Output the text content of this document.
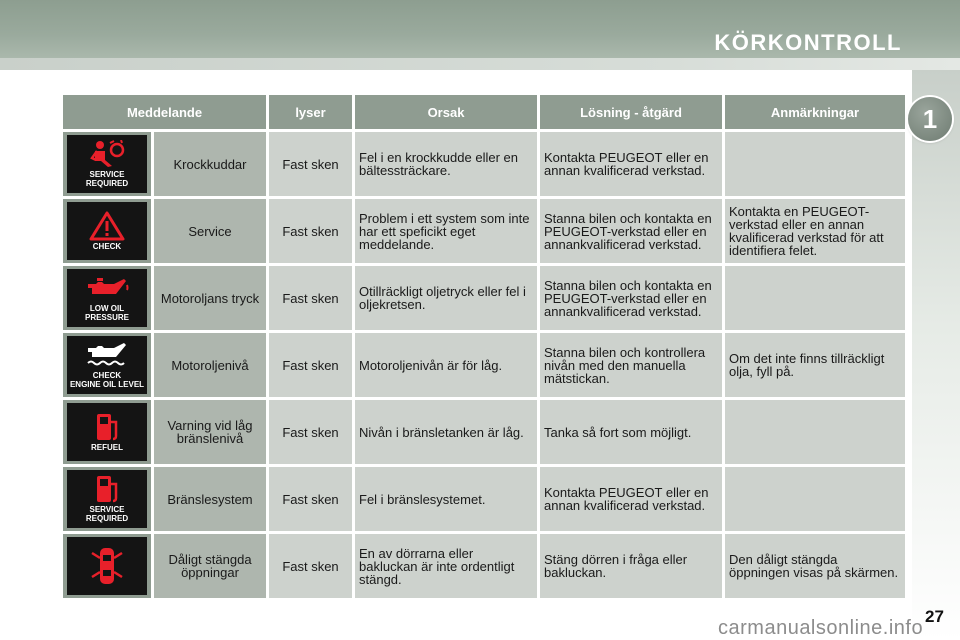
KÖRKONTROLL
1
Meddelande		lyser	Orsak	Lösning - åtgärd	Anmärkningar

SERVICE
REQUIRED	Krockkuddar	Fast sken	Fel i en krockkudde eller en bältessträckare.	Kontakta PEUGEOT eller en annan kvalificerad verkstad.	

CHECK	Service	Fast sken	Problem i ett system som inte har ett speficikt eget meddelande.	Stanna bilen och kontakta en PEUGEOT-verkstad eller en annankvalificerad verkstad.	Kontakta en PEUGEOT-verkstad eller en annan kvalificerad verkstad för att identifiera felet.

LOW OIL PRESSURE	Motoroljans tryck	Fast sken	Otillräckligt oljetryck eller fel i oljekretsen.	Stanna bilen och kontakta en PEUGEOT-verkstad eller en annankvalificerad verkstad.	

CHECK
ENGINE OIL LEVEL	Motoroljenivå	Fast sken	Motoroljenivån är för låg.	Stanna bilen och kontrollera nivån med den manuella mätstickan.	Om det inte finns tillräckligt olja, fyll på.

REFUEL	Varning vid låg bränslenivå	Fast sken	Nivån i bränsletanken är låg.	Tanka så fort som möjligt.	

SERVICE
REQUIRED	Bränslesystem	Fast sken	Fel i bränslesystemet.	Kontakta PEUGEOT eller en annan kvalificerad verkstad.	

	Dåligt stängda öppningar	Fast sken	En av dörrarna eller bakluckan är inte ordentligt stängd.	Stäng dörren i fråga eller bakluckan.	Den dåligt stängda öppningen visas på skärmen.
carmanualsonline.info
27
